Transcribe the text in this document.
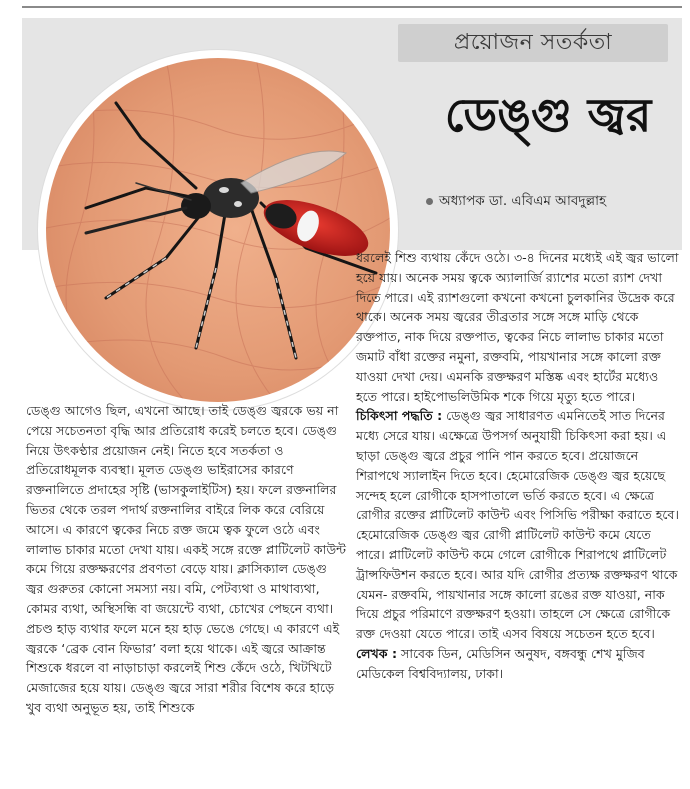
প্রয়োজন সতর্কতা
ডেঙ্গু জ্বর
অধ্যাপক ডা. এবিএম আবদুল্লাহ

ডেঙ্গু আগেও ছিল, এখনো আছে। তাই ডেঙ্গু জ্বরকে ভয় না পেয়ে সচেতনতা বৃদ্ধি আর প্রতিরোধ করেই চলতে হবে। ডেঙ্গু নিয়ে উৎকণ্ঠার প্রয়োজন নেই। নিতে হবে সতর্কতা ও প্রতিরোধমূলক ব্যবস্থা। মূলত ডেঙ্গু ভাইরাসের কারণে রক্তনালিতে প্রদাহের সৃষ্টি (ভাসকুলাইটিস) হয়। ফলে রক্তনালির ভিতর থেকে তরল পদার্থ রক্তনালির বাইরে লিক করে বেরিয়ে আসে। এ কারণে ত্বকের নিচে রক্ত জমে ত্বক ফুলে ওঠে এবং লালাভ চাকার মতো দেখা যায়। একই সঙ্গে রক্তে প্লাটিলেট কাউন্ট কমে গিয়ে রক্তক্ষরণের প্রবণতা বেড়ে যায়। ক্লাসিক্যাল ডেঙ্গু জ্বর গুরুতর কোনো সমস্যা নয়। বমি, পেটব্যথা ও মাথাব্যথা, কোমর ব্যথা, অস্থিসন্ধি বা জয়েন্টে ব্যথা, চোখের পেছনে ব্যথা। প্রচণ্ড হাড় ব্যথার ফলে মনে হয় হাড় ভেঙে গেছে। এ কারণে এই জ্বরকে ‘ব্রেক বোন ফিভার’ বলা হয়ে থাকে। এই জ্বরে আক্রান্ত শিশুকে ধরলে বা নাড়াচাড়া করলেই শিশু কেঁদে ওঠে, খিটখিটে মেজাজের হয়ে যায়। ডেঙ্গু জ্বরে সারা শরীর বিশেষ করে হাড়ে খুব ব্যথা অনুভূত হয়, তাই শিশুকে

ধরলেই শিশু ব্যথায় কেঁদে ওঠে। ৩-৪ দিনের মধ্যেই এই জ্বর ভালো হয়ে যায়। অনেক সময় ত্বকে অ্যালার্জি র‍্যাশের মতো র‍্যাশ দেখা দিতে পারে। এই র‍্যাশগুলো কখনো কখনো চুলকানির উদ্রেক করে থাকে। অনেক সময় জ্বরের তীব্রতার সঙ্গে সঙ্গে মাড়ি থেকে রক্তপাত, নাক দিয়ে রক্তপাত, ত্বকের নিচে লালাভ চাকার মতো জমাট বাঁধা রক্তের নমুনা, রক্তবমি, পায়খানার সঙ্গে কালো রক্ত যাওয়া দেখা দেয়। এমনকি রক্তক্ষরণ মস্তিষ্ক এবং হার্টের মধ্যেও হতে পারে। হাইপোভলিউমিক শকে গিয়ে মৃত্যু হতে পারে।

চিকিৎসা পদ্ধতি : ডেঙ্গু জ্বর সাধারণত এমনিতেই সাত দিনের মধ্যে সেরে যায়। এক্ষেত্রে উপসর্গ অনুযায়ী চিকিৎসা করা হয়। এ ছাড়া ডেঙ্গু জ্বরে প্রচুর পানি পান করতে হবে। প্রয়োজনে শিরাপথে স্যালাইন দিতে হবে। হেমোরেজিক ডেঙ্গু জ্বর হয়েছে সন্দেহ হলে রোগীকে হাসপাতালে ভর্তি করতে হবে। এ ক্ষেত্রে রোগীর রক্তের প্লাটিলেট কাউন্ট এবং পিসিভি পরীক্ষা করাতে হবে। হেমোরেজিক ডেঙ্গু জ্বর রোগী প্লাটিলেট কাউন্ট কমে যেতে পারে। প্লাটিলেট কাউন্ট কমে গেলে রোগীকে শিরাপথে প্লাটিলেট ট্রান্সফিউশন করতে হবে। আর যদি রোগীর প্রত্যক্ষ রক্তক্ষরণ থাকে যেমন- রক্তবমি, পায়খানার সঙ্গে কালো রঙের রক্ত যাওয়া, নাক দিয়ে প্রচুর পরিমাণে রক্তক্ষরণ হওয়া। তাহলে সে ক্ষেত্রে রোগীকে রক্ত দেওয়া যেতে পারে। তাই এসব বিষয়ে সচেতন হতে হবে।

লেখক : সাবেক ডিন, মেডিসিন অনুষদ, বঙ্গবন্ধু শেখ মুজিব মেডিকেল বিশ্ববিদ্যালয়, ঢাকা।
